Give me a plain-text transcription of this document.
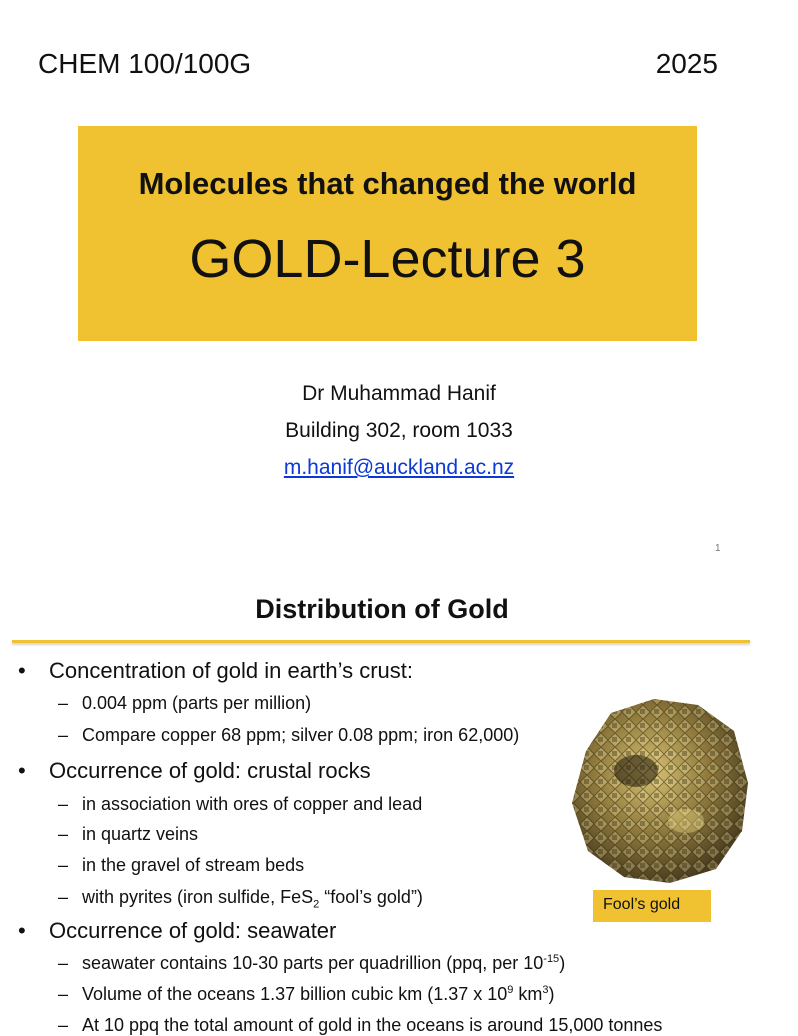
CHEM 100/100G	2025
Molecules that changed the world
GOLD-Lecture 3
Dr Muhammad Hanif
Building 302, room 1033
m.hanif@auckland.ac.nz
1
Distribution of Gold
• Concentration of gold in earth’s crust:
– 0.004 ppm (parts per million)
– Compare copper 68 ppm; silver 0.08 ppm; iron 62,000)
• Occurrence of gold: crustal rocks
– in association with ores of copper and lead
– in quartz veins
– in the gravel of stream beds
– with pyrites (iron sulfide, FeS$_2$ “fool’s gold”)
• Occurrence of gold: seawater
– seawater contains 10-30 parts per quadrillion (ppq, per $10^{-15}$)
– Volume of the oceans 1.37 billion cubic km (1.37 x $10^9$ $km^3$)
– At 10 ppq the total amount of gold in the oceans is around 15,000 tonnes
Fool’s gold
